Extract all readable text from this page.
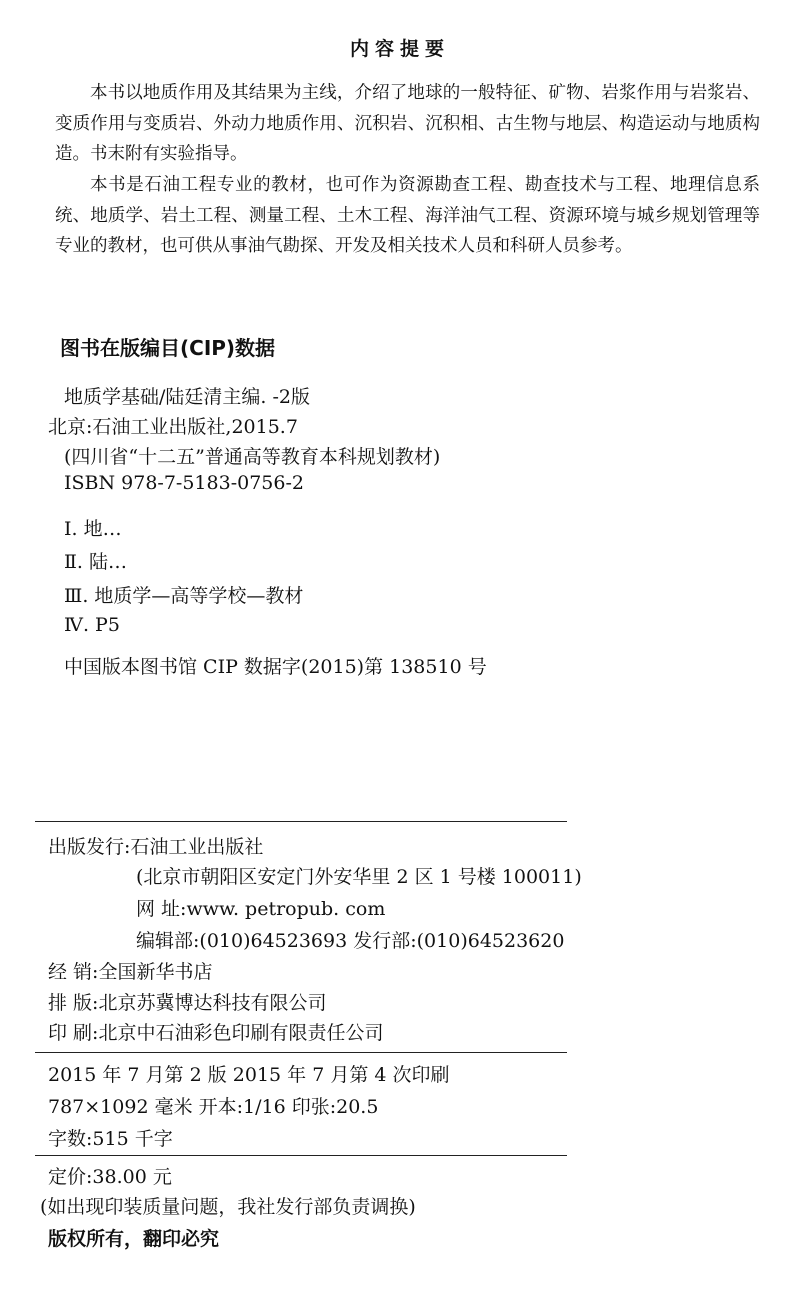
内容提要
本书以地质作用及其结果为主线，介绍了地球的一般特征、矿物、岩浆作用与岩浆岩、变质作用与变质岩、外动力地质作用、沉积岩、沉积相、古生物与地层、构造运动与地质构造。书末附有实验指导。
本书是石油工程专业的教材，也可作为资源勘查工程、勘查技术与工程、地理信息系统、地质学、岩土工程、测量工程、土木工程、海洋油气工程、资源环境与城乡规划管理等专业的教材，也可供从事油气勘探、开发及相关技术人员和科研人员参考。
图书在版编目(CIP)数据
地质学基础/陆廷清主编. -2版
北京:石油工业出版社,2015.7
(四川省“十二五”普通高等教育本科规划教材)
ISBN 978-7-5183-0756-2
Ⅰ. 地…
Ⅱ. 陆…
Ⅲ. 地质学—高等学校—教材
Ⅳ. P5
中国版本图书馆 CIP 数据字(2015)第 138510 号
出版发行:石油工业出版社
(北京市朝阳区安定门外安华里 2 区 1 号楼 100011)
网 址:www. petropub. com
编辑部:(010)64523693 发行部:(010)64523620
经 销:全国新华书店
排 版:北京苏冀博达科技有限公司
印 刷:北京中石油彩色印刷有限责任公司
2015 年 7 月第 2 版 2015 年 7 月第 4 次印刷
787×1092 毫米 开本:1/16 印张:20.5
字数:515 千字
定价:38.00 元
(如出现印装质量问题，我社发行部负责调换)
版权所有，翻印必究
